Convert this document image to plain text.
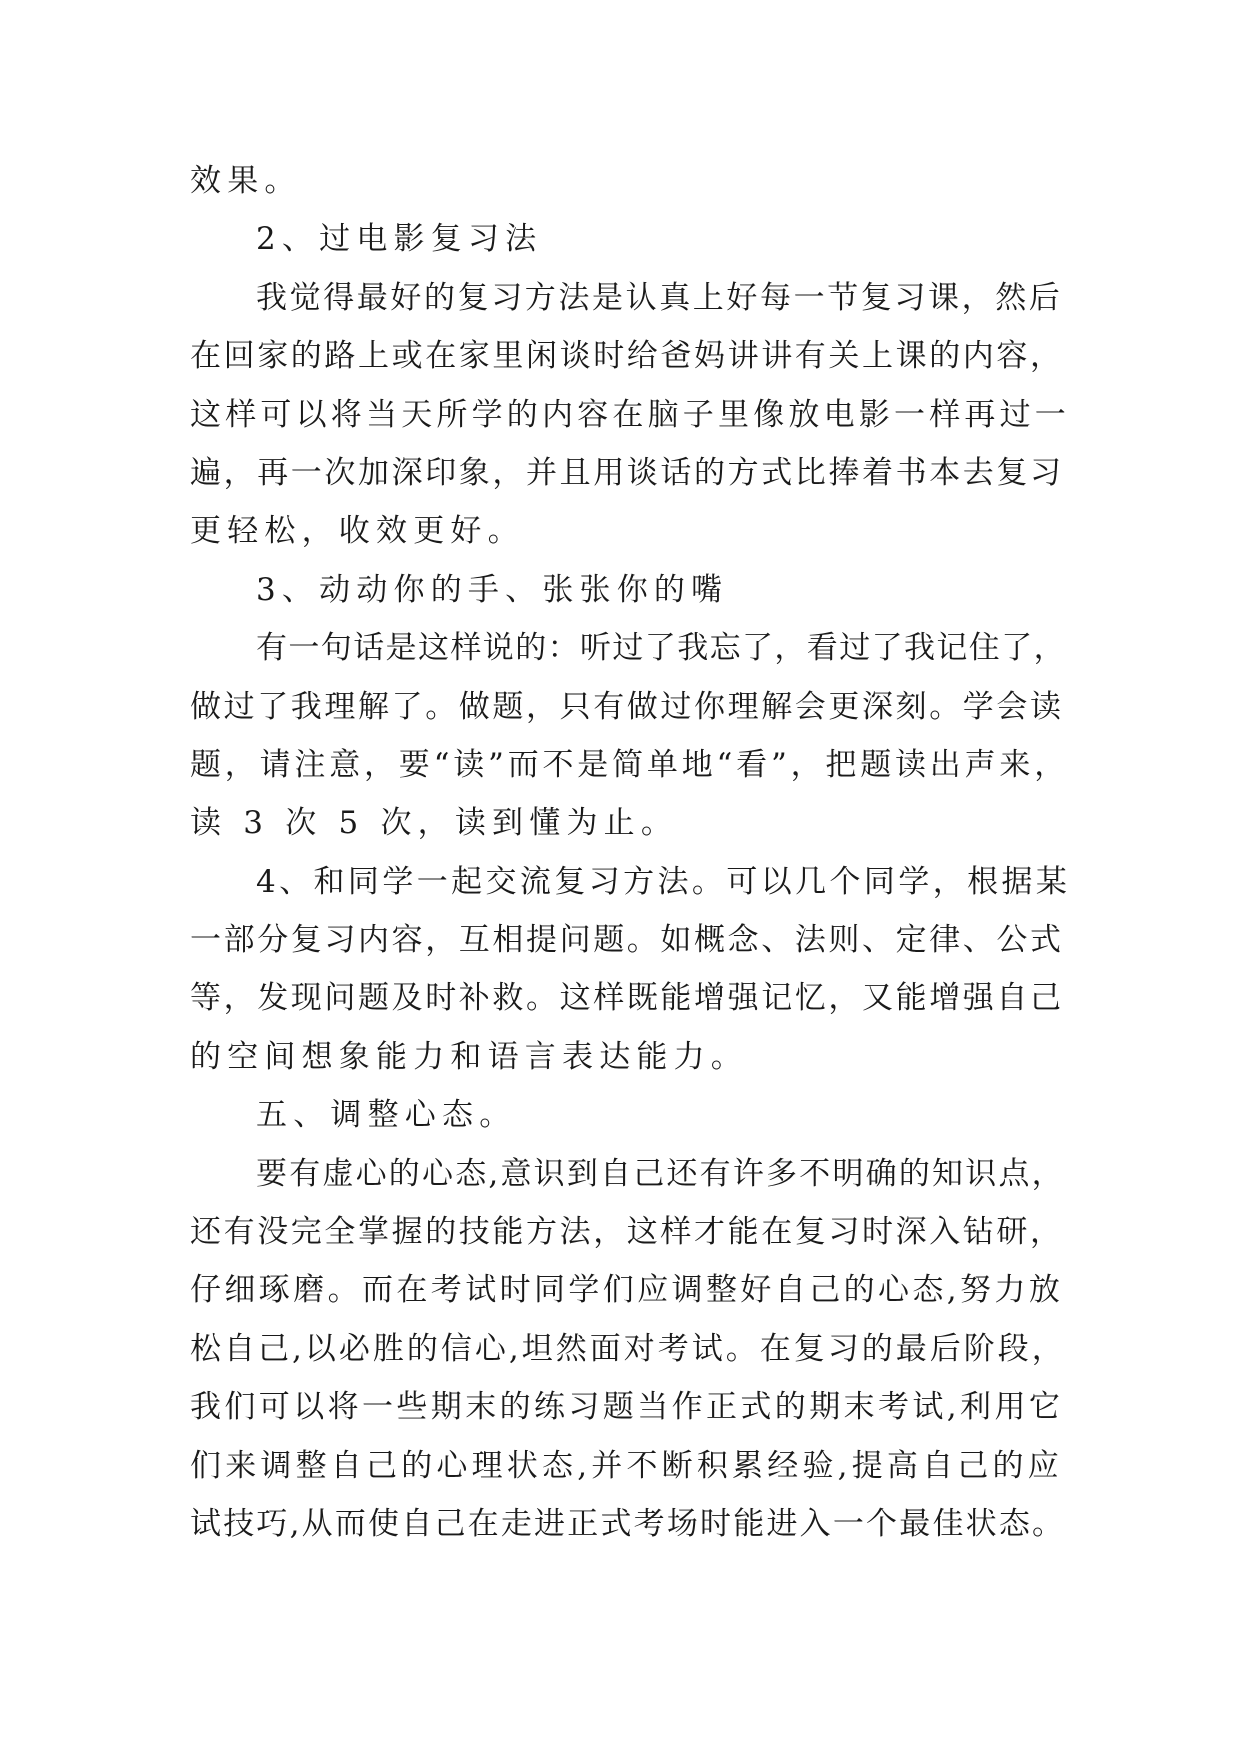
效果。
2、过电影复习法
我觉得最好的复习方法是认真上好每一节复习课，然后
在回家的路上或在家里闲谈时给爸妈讲讲有关上课的内容，
这样可以将当天所学的内容在脑子里像放电影一样再过一
遍，再一次加深印象，并且用谈话的方式比捧着书本去复习
更轻松，收效更好。
3、动动你的手、张张你的嘴
有一句话是这样说的：听过了我忘了，看过了我记住了，
做过了我理解了。做题，只有做过你理解会更深刻。学会读
题，请注意，要“读”而不是简单地“看”，把题读出声来，
读 3 次 5 次，读到懂为止。
4、和同学一起交流复习方法。可以几个同学，根据某
一部分复习内容，互相提问题。如概念、法则、定律、公式
等，发现问题及时补救。这样既能增强记忆，又能增强自己
的空间想象能力和语言表达能力。
五、调整心态。
要有虚心的心态,意识到自己还有许多不明确的知识点，
还有没完全掌握的技能方法，这样才能在复习时深入钻研，
仔细琢磨。而在考试时同学们应调整好自己的心态,努力放
松自己,以必胜的信心,坦然面对考试。在复习的最后阶段，
我们可以将一些期末的练习题当作正式的期末考试,利用它
们来调整自己的心理状态,并不断积累经验,提高自己的应
试技巧,从而使自己在走进正式考场时能进入一个最佳状态。
